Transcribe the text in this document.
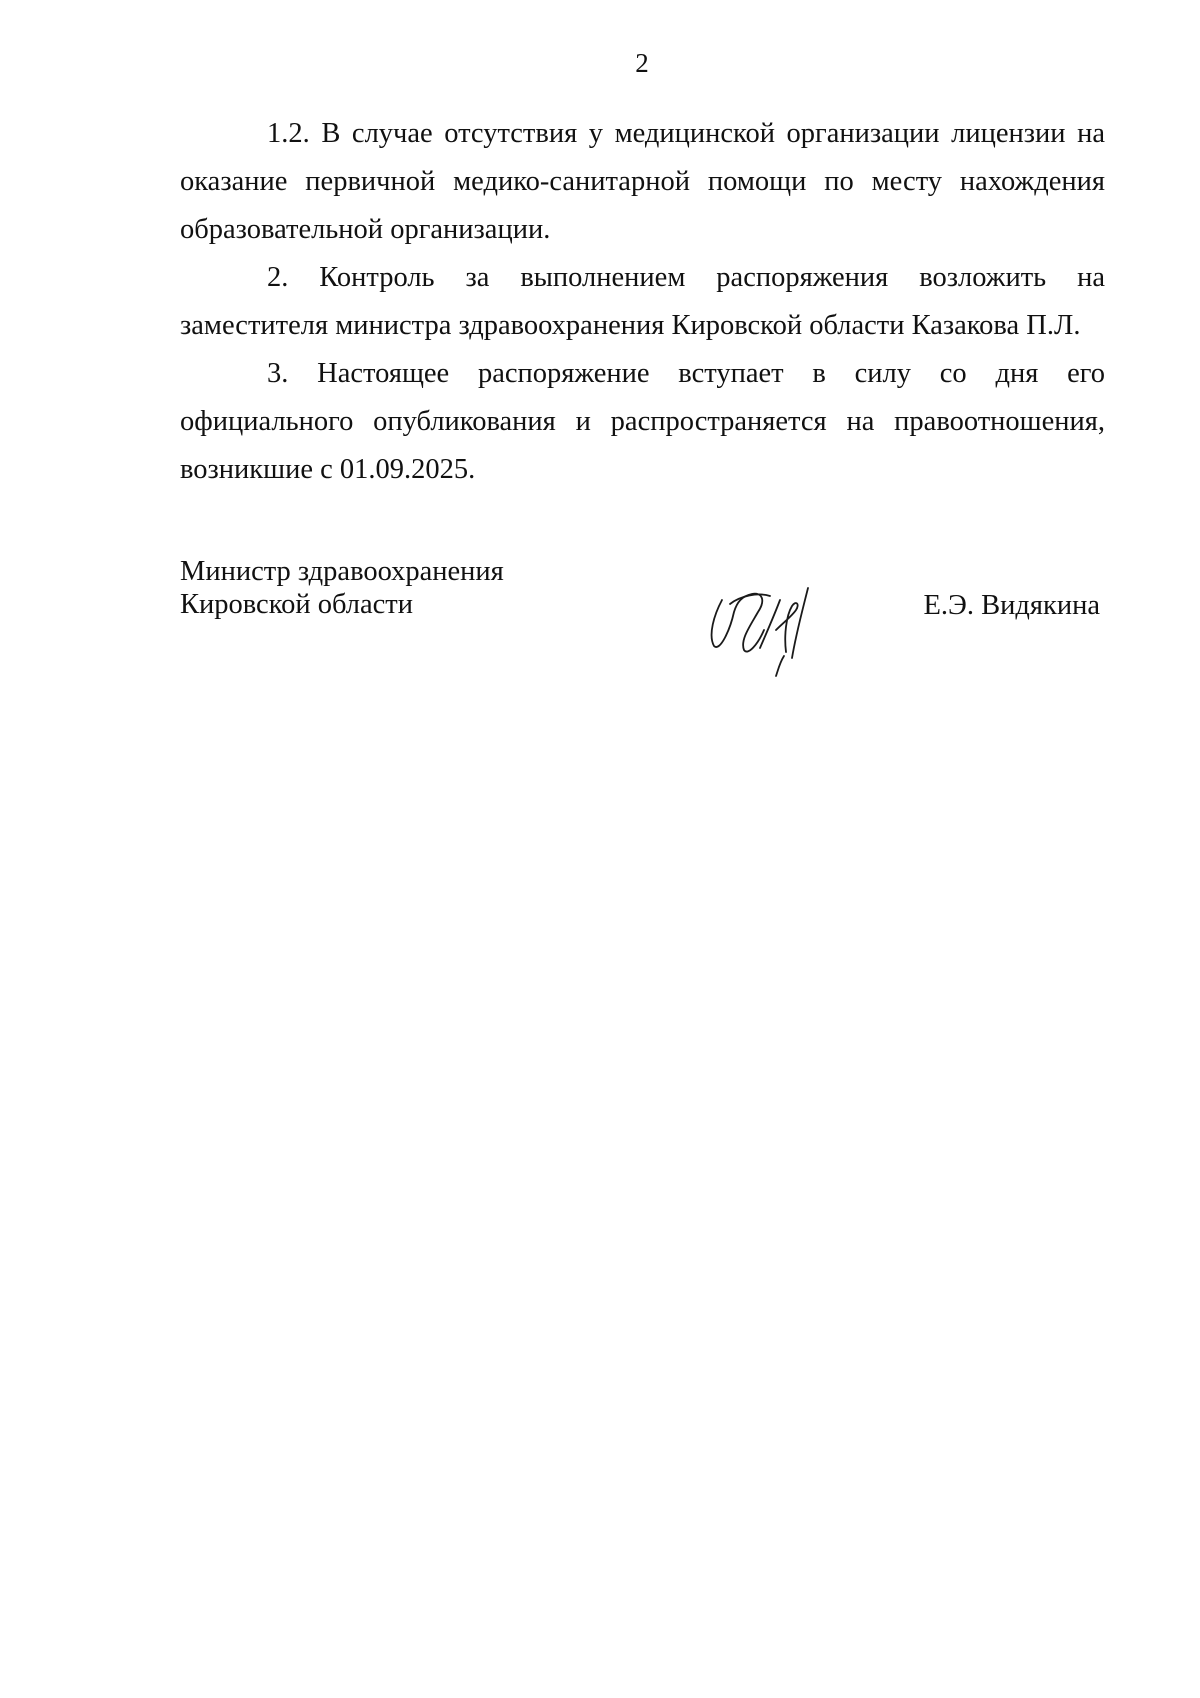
2

1.2. В случае отсутствия у медицинской организации лицензии на оказание первичной медико-санитарной помощи по месту нахождения образовательной организации.

2. Контроль за выполнением распоряжения возложить на заместителя министра здравоохранения Кировской области Казакова П.Л.

3. Настоящее распоряжение вступает в силу со дня его официального опубликования и распространяется на правоотношения, возникшие с 01.09.2025.

Министр здравоохранения
Кировской области	Е.Э. Видякина
